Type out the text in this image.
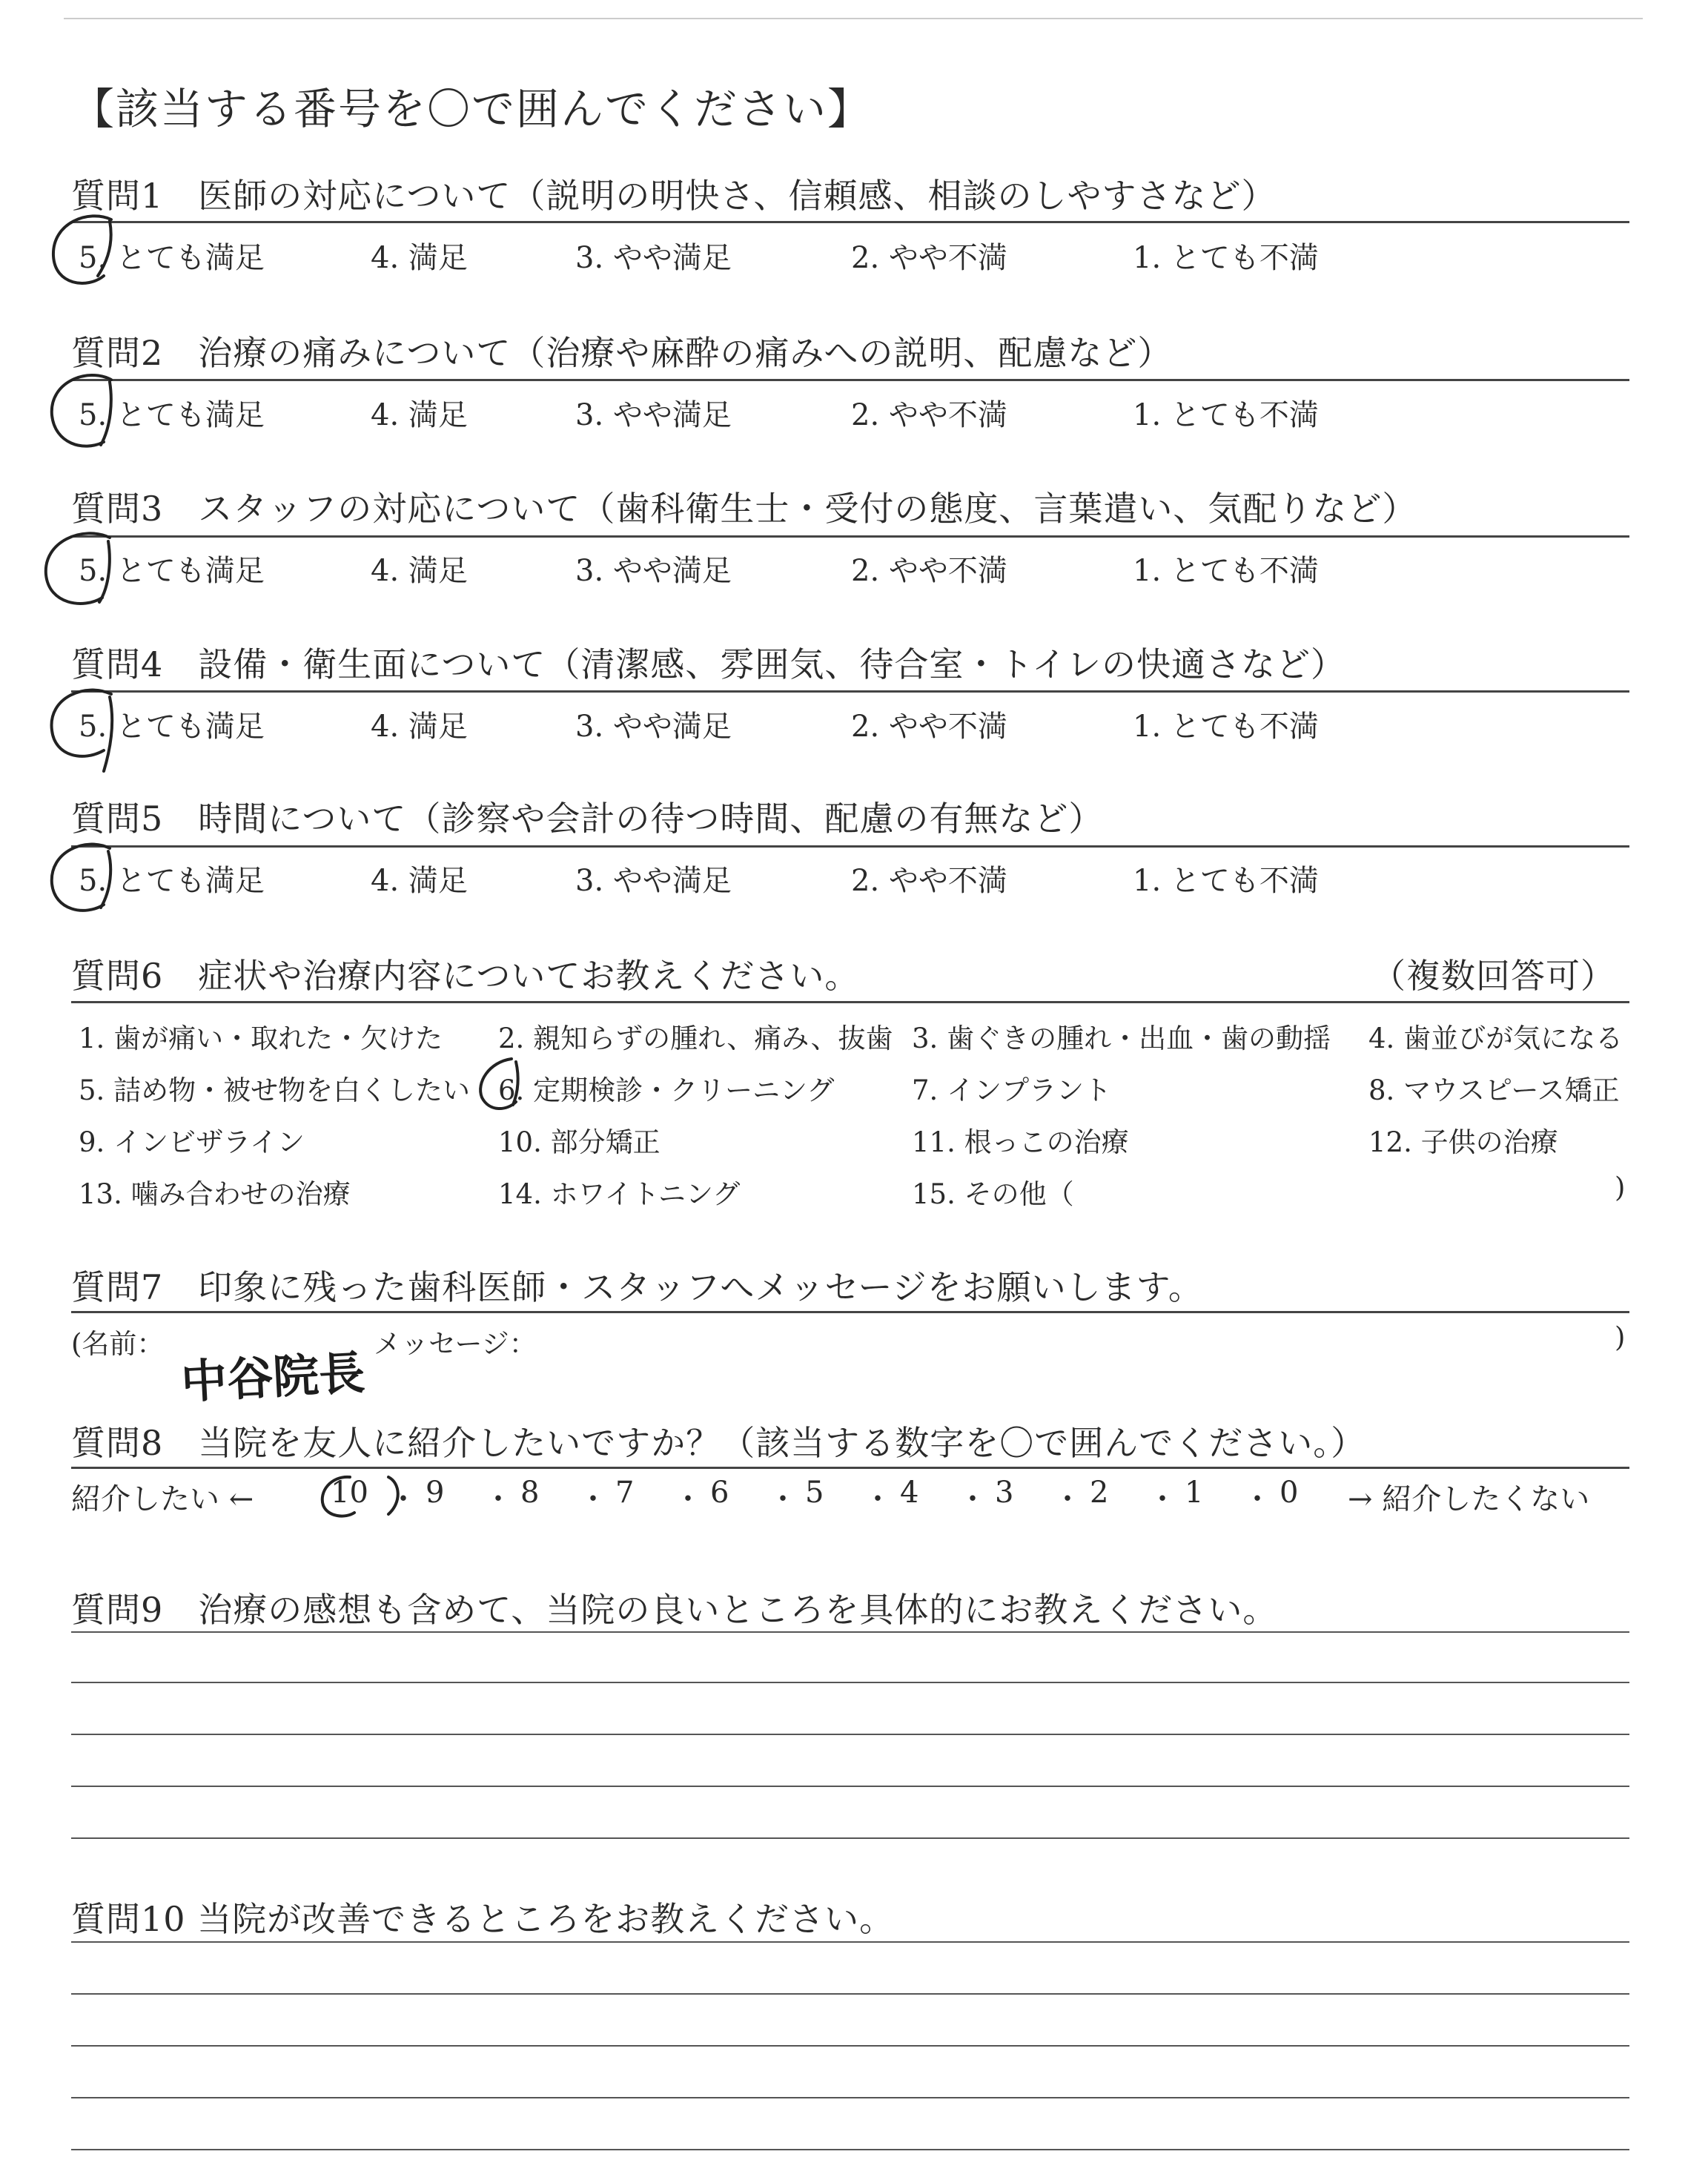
【該当する番号を〇で囲んでください】
質問1　医師の対応について（説明の明快さ、信頼感、相談のしやすさなど）
5. とても満足	4. 満足	3. やや満足	2. やや不満	1. とても不満
質問2　治療の痛みについて（治療や麻酔の痛みへの説明、配慮など）
5. とても満足	4. 満足	3. やや満足	2. やや不満	1. とても不満
質問3　スタッフの対応について（歯科衛生士・受付の態度、言葉遣い、気配りなど）
5. とても満足	4. 満足	3. やや満足	2. やや不満	1. とても不満
質問4　設備・衛生面について（清潔感、雰囲気、待合室・トイレの快適さなど）
5. とても満足	4. 満足	3. やや満足	2. やや不満	1. とても不満
質問5　時間について（診察や会計の待つ時間、配慮の有無など）
5. とても満足	4. 満足	3. やや満足	2. やや不満	1. とても不満
質問6　症状や治療内容についてお教えください。	（複数回答可）
1. 歯が痛い・取れた・欠けた 2. 親知らずの腫れ、痛み、抜歯 3. 歯ぐきの腫れ・出血・歯の動揺 4. 歯並びが気になる
5. 詰め物・被せ物を白くしたい 6. 定期検診・クリーニング	7. インプラント	8. マウスピース矯正
9. インビザライン	10. 部分矯正	11. 根っこの治療	12. 子供の治療
13. 噛み合わせの治療	14. ホワイトニング	15. その他（	)
質問7　印象に残った歯科医師・スタッフへメッセージをお願いします。
(名前：	メッセージ：	)
中谷院長
質問8　当院を友人に紹介したいですか？（該当する数字を〇で囲んでください。）
紹介したい ←	→ 紹介したくない
10 ・ 9 ・ 8 ・ 7 ・ 6 ・ 5 ・ 4 ・ 3 ・ 2 ・ 1 ・ 0
質問9　治療の感想も含めて、当院の良いところを具体的にお教えください。
質問10 当院が改善できるところをお教えください。
